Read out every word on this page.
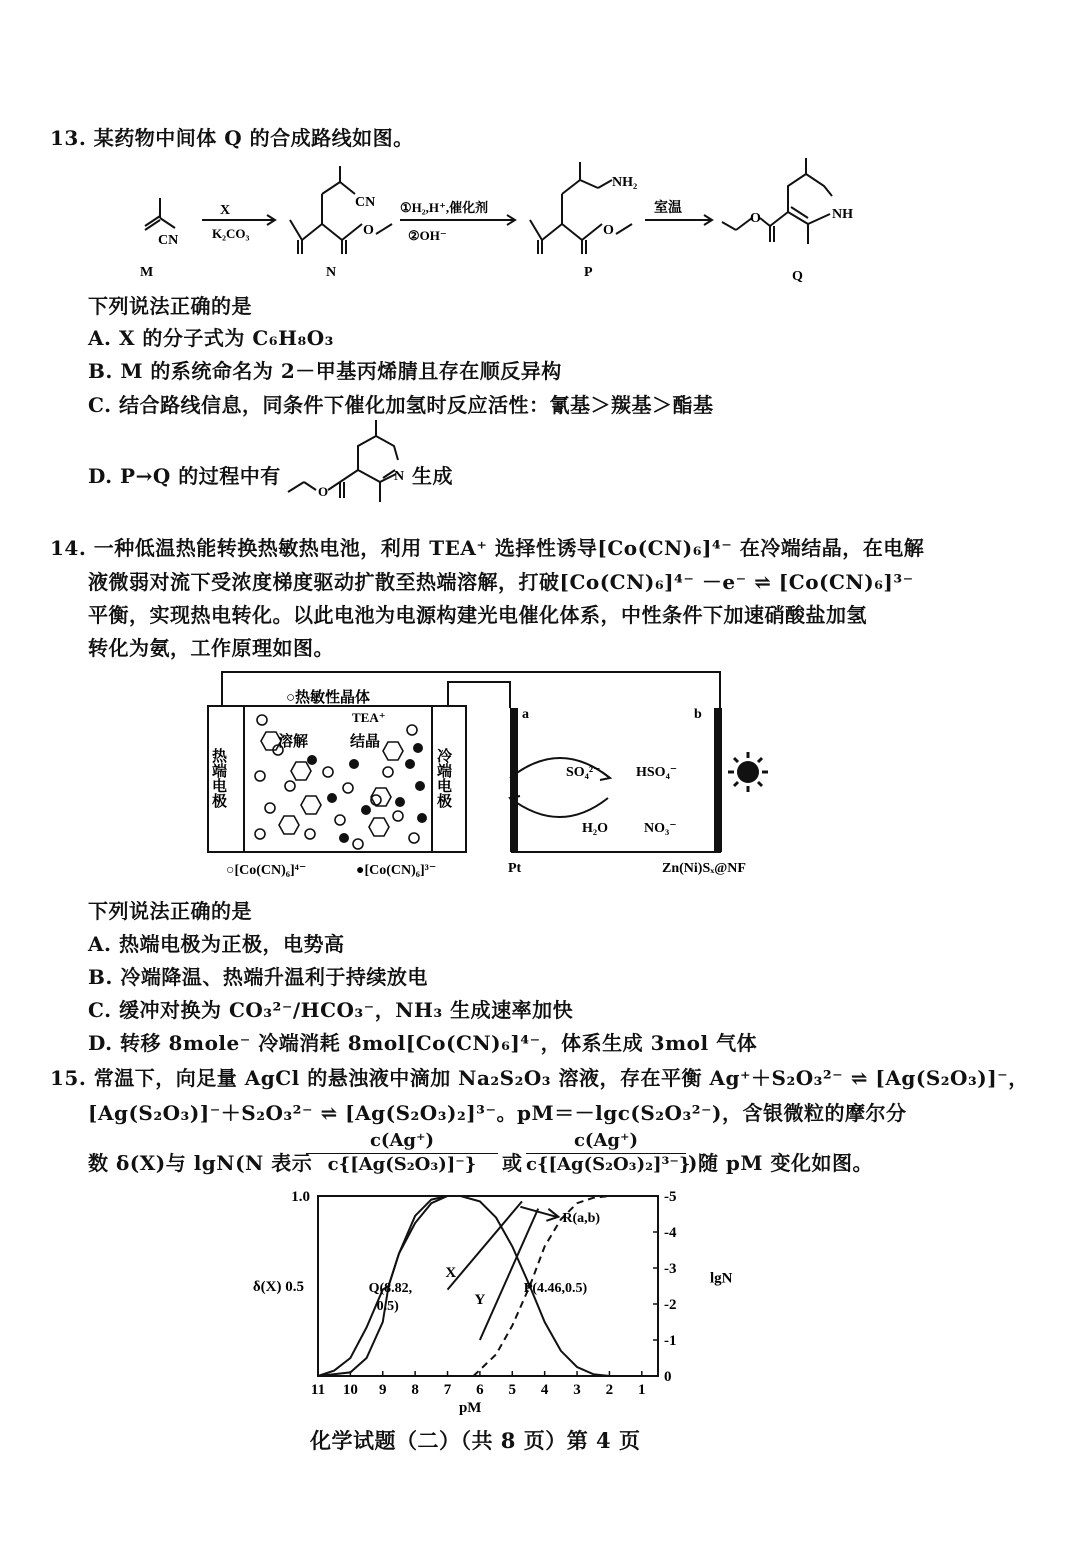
13. 某药物中间体 Q 的合成路线如图。
CN
X
K₂CO₃
CN
O
①H₂,H⁺,催化剂
②OH⁻
NH₂
O
室温
O	NH
M	N	P	Q
下列说法正确的是
A. X 的分子式为 C₆H₈O₃
B. M 的系统命名为 2－甲基丙烯腈且存在顺反异构
C. 结合路线信息，同条件下催化加氢时反应活性：氰基＞羰基＞酯基
D. P→Q 的过程中有
O
N 生成
14. 一种低温热能转换热敏热电池，利用 TEA⁺ 选择性诱导[Co(CN)₆]⁴⁻ 在冷端结晶，在电解
液微弱对流下受浓度梯度驱动扩散至热端溶解，打破[Co(CN)₆]⁴⁻ －e⁻ ⇌ [Co(CN)₆]³⁻
平衡，实现热电转化。以此电池为电源构建光电催化体系，中性条件下加速硝酸盐加氢
转化为氨，工作原理如图。
○热敏性晶体
TEA⁺
溶解	结晶
热端电极	冷端电极
a	b
SO₄²⁻	HSO₄⁻
H₂O	NO₃⁻
○[Co(CN)₆]⁴⁻	●[Co(CN)₆]³⁻	Pt	Zn(Ni)Sₓ@NF
下列说法正确的是
A. 热端电极为正极，电势高
B. 冷端降温、热端升温利于持续放电
C. 缓冲对换为 CO₃²⁻/HCO₃⁻，NH₃ 生成速率加快
D. 转移 8mole⁻ 冷端消耗 8mol[Co(CN)₆]⁴⁻，体系生成 3mol 气体
15. 常温下，向足量 AgCl 的悬浊液中滴加 Na₂S₂O₃ 溶液，存在平衡 Ag⁺＋S₂O₃²⁻ ⇌ [Ag(S₂O₃)]⁻，
[Ag(S₂O₃)]⁻＋S₂O₃²⁻ ⇌ [Ag(S₂O₃)₂]³⁻。pM＝－lgc(S₂O₃²⁻)，含银微粒的摩尔分
数 δ(X)与 lgN(N 表示
$\frac{c(Ag^+)}{\text{c\{[Ag(S₂O₃)]⁻\}}}$ 或 $\frac{c(Ag^+)}{\text{c\{[Ag(S₂O₃)₂]³⁻\}}}$ )随 pM 变化如图。
11 10 9 8 7 6 5 4 3 2 1
pM
1.0
δ(X) 0.5
0
-1
-2
-3
-4
-5
lgN
X
Y
Q(8.82,
0.5)
P(4.46,0.5)
R(a,b)
化学试题（二）（共 8 页）第 4 页
